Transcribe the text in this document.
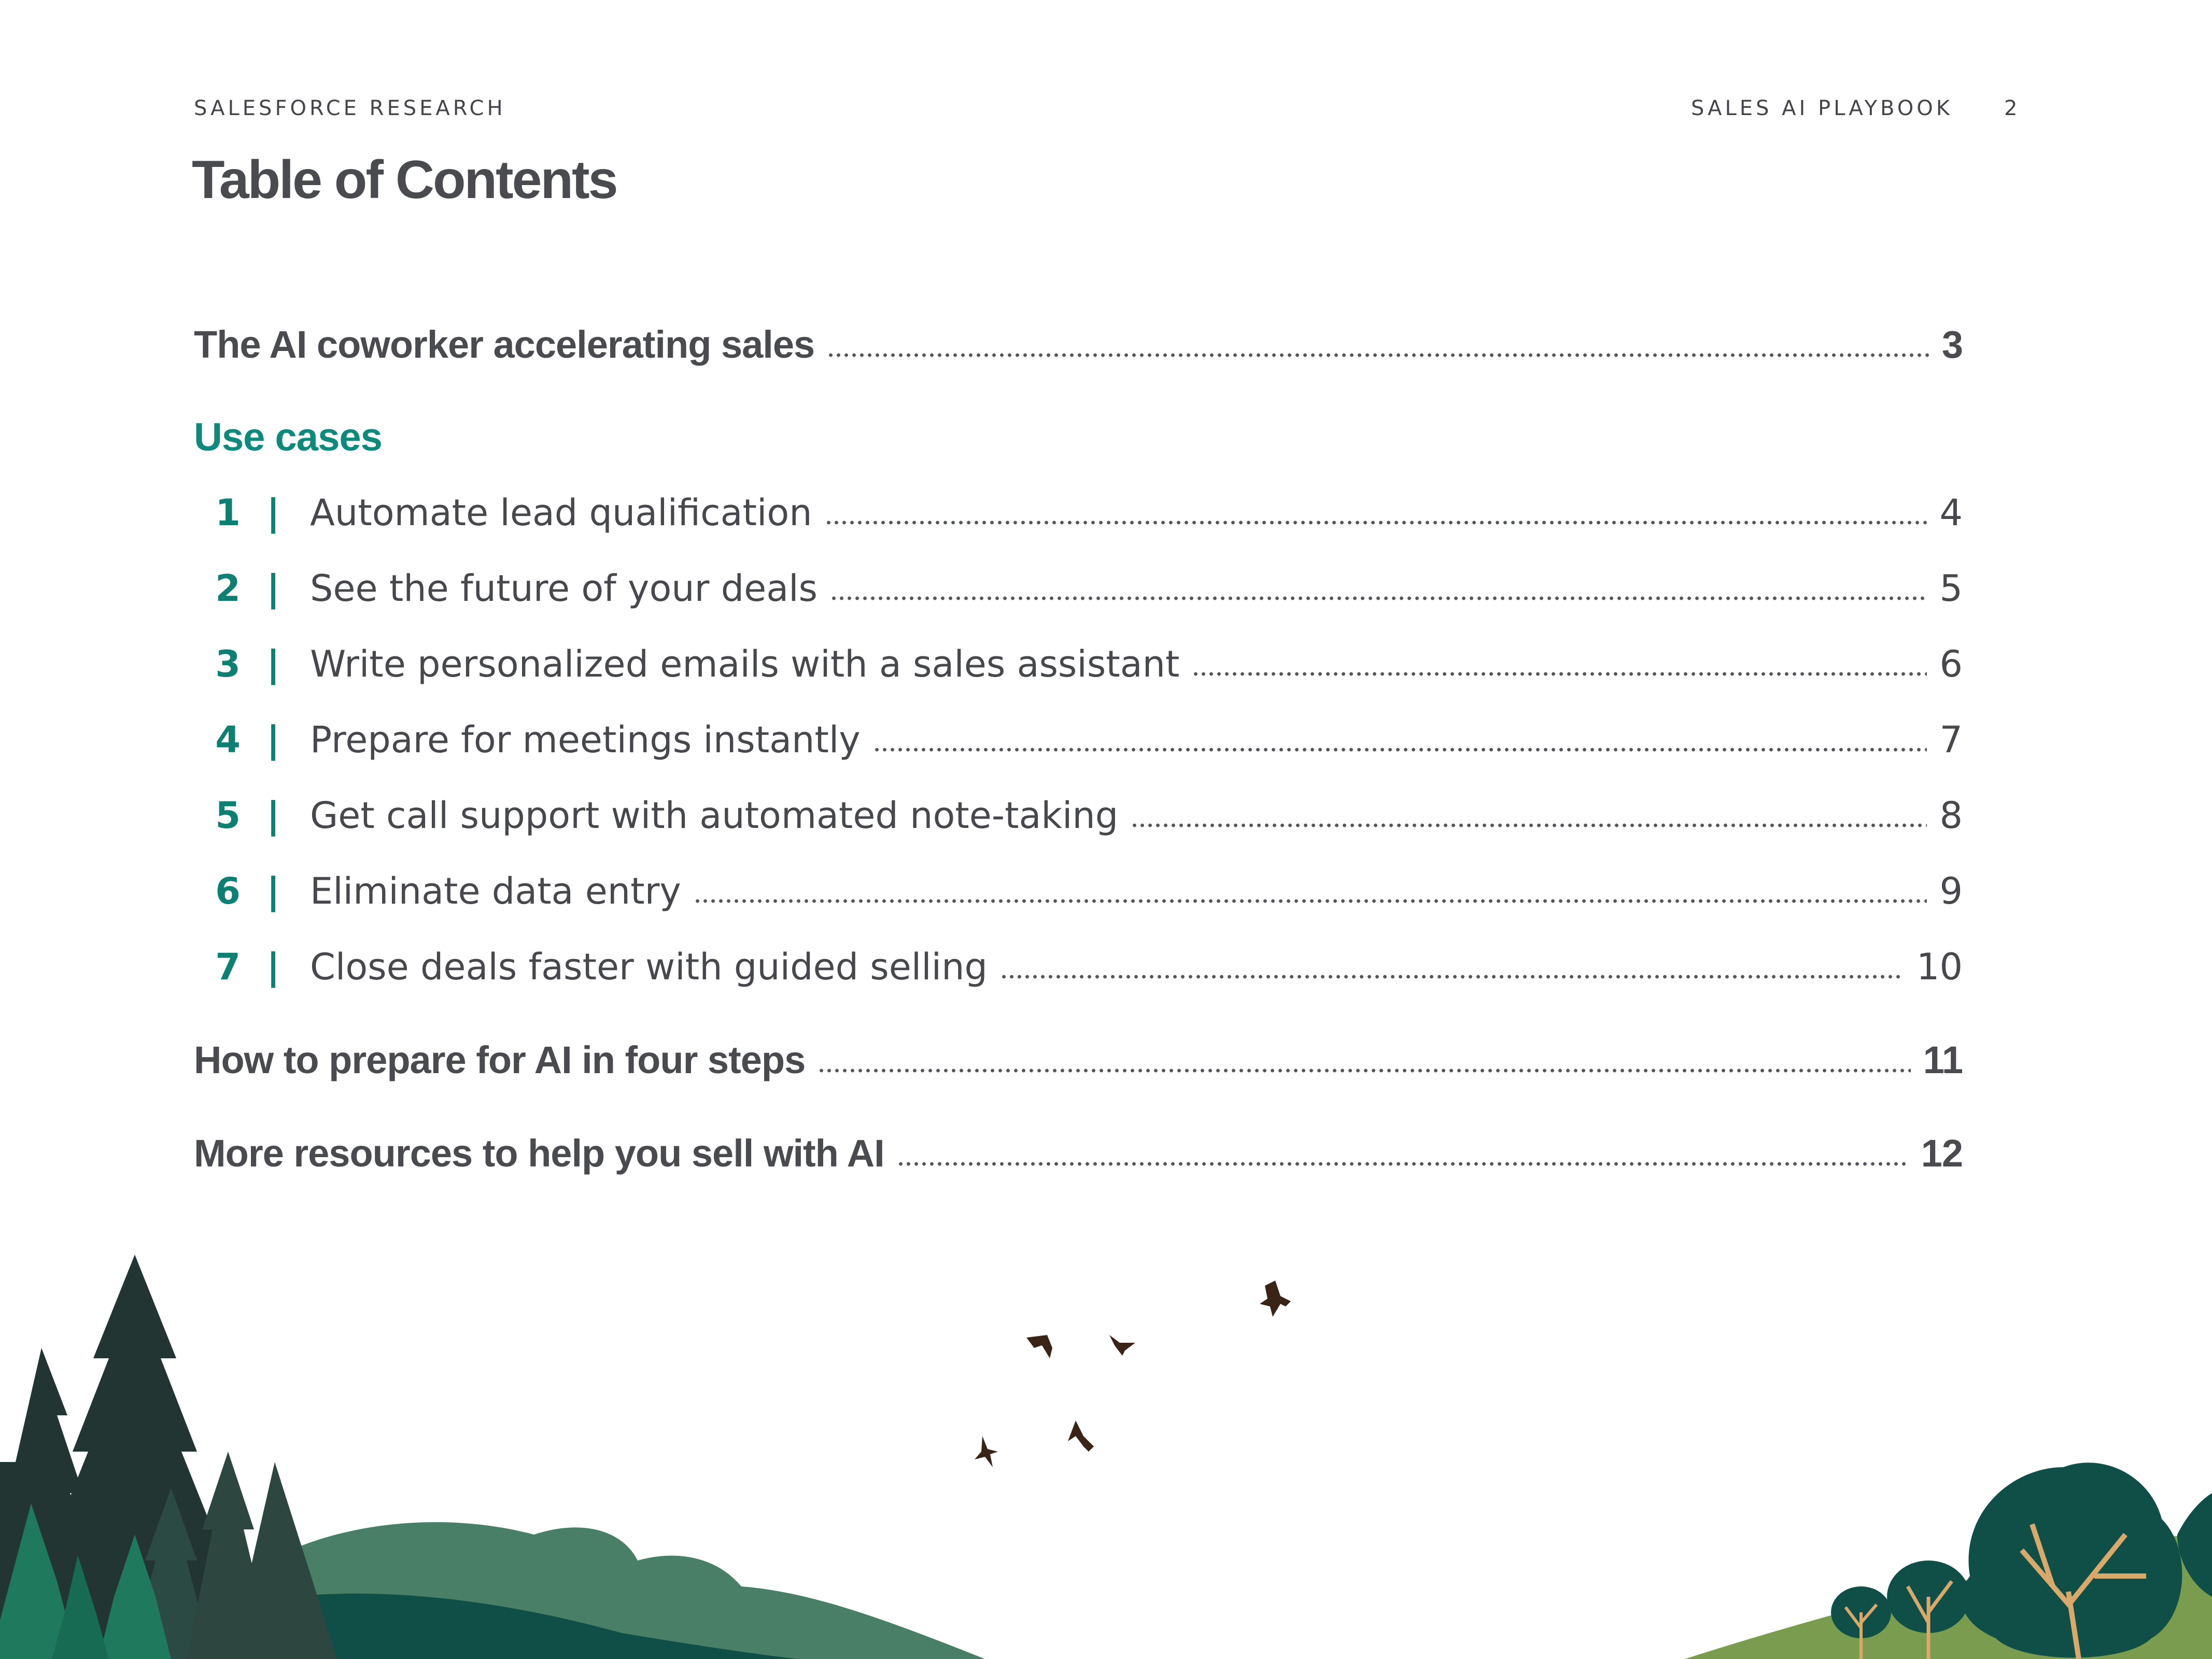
SALESFORCE RESEARCH	SALES AI PLAYBOOK 2
Table of Contents
The AI coworker accelerating sales	3
Use cases
1 | Automate lead qualification	4
2 | See the future of your deals	5
3 | Write personalized emails with a sales assistant	6
4 | Prepare for meetings instantly	7
5 | Get call support with automated note-taking	8
6 | Eliminate data entry	9
7 | Close deals faster with guided selling	10
How to prepare for AI in four steps	11
More resources to help you sell with AI	12
